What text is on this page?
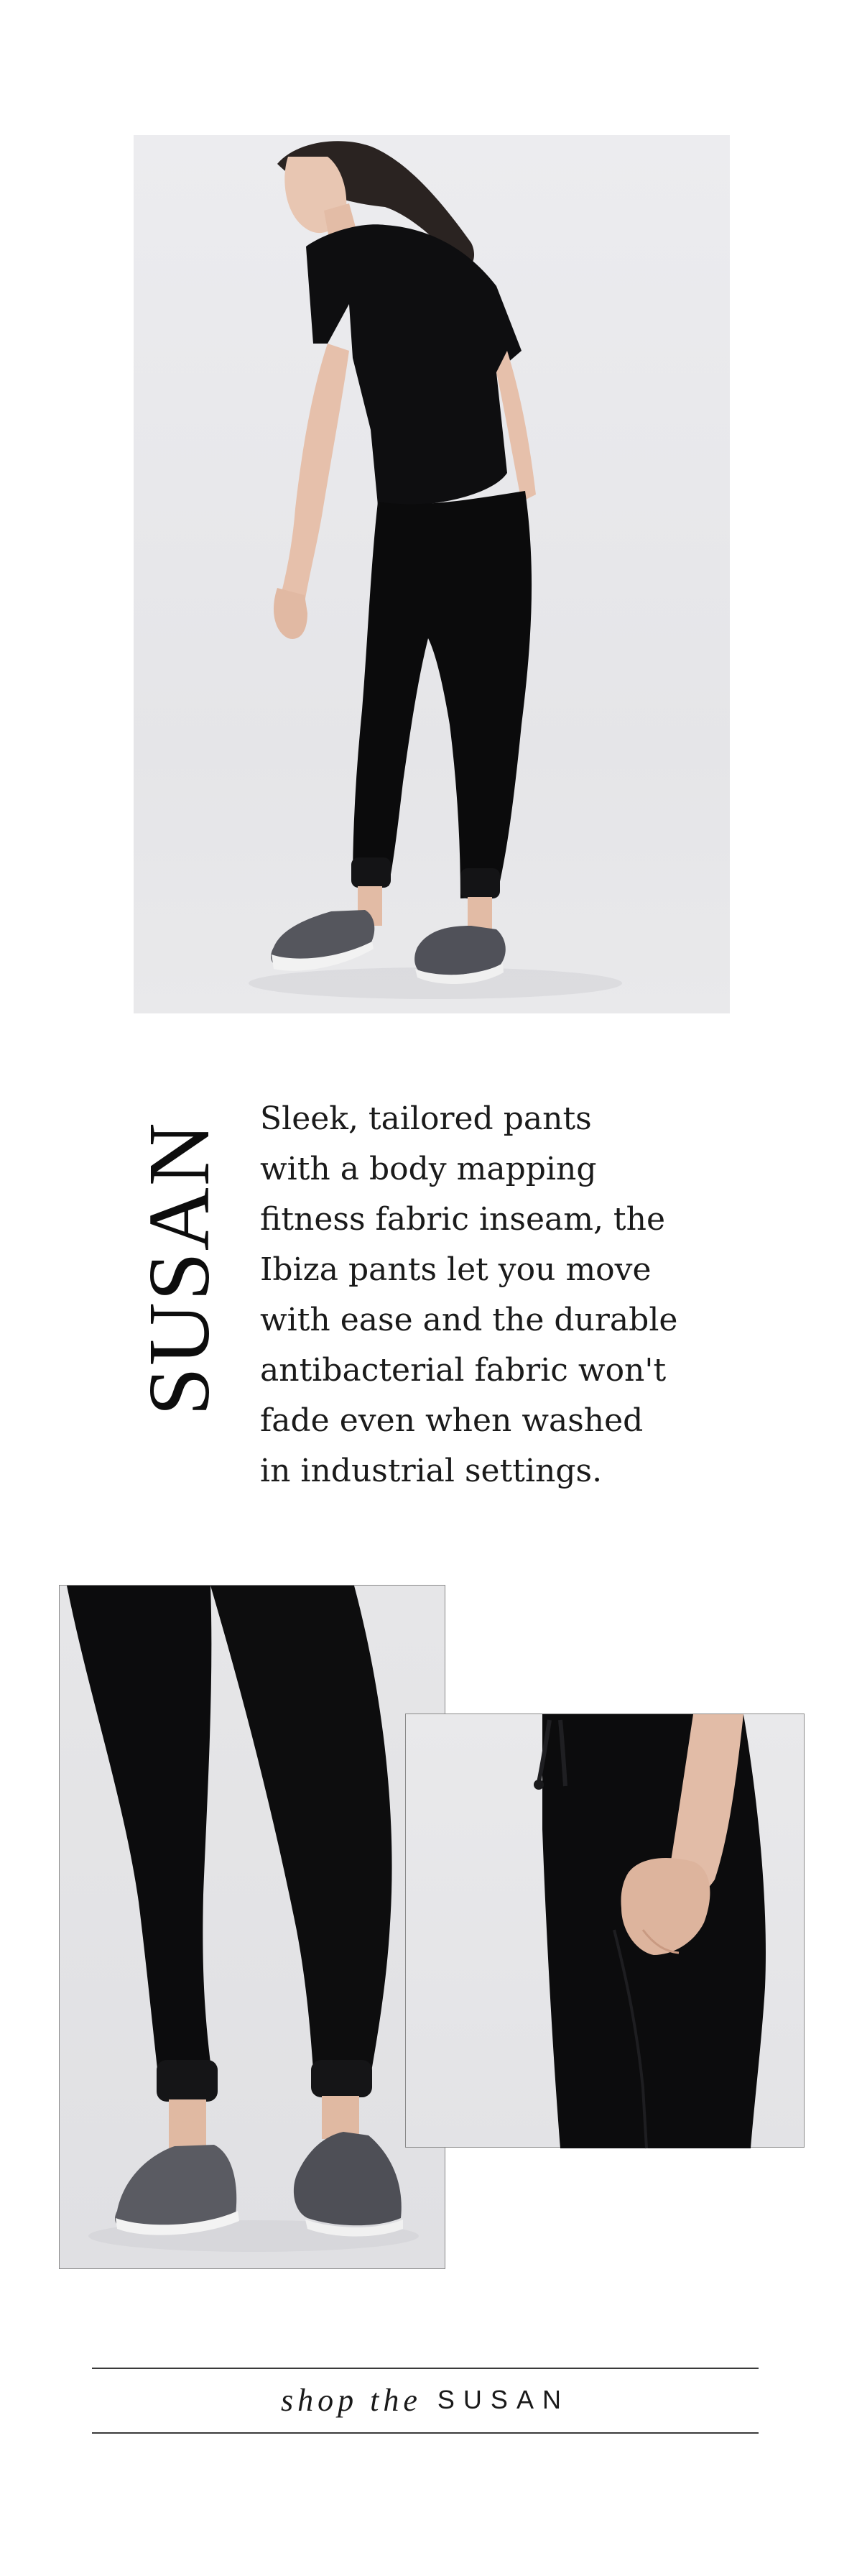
SUSAN
Sleek, tailored pants
with a body mapping
fitness fabric inseam, the
Ibiza pants let you move
with ease and the durable
antibacterial fabric won't
fade even when washed
in industrial settings.
shop the SUSAN
